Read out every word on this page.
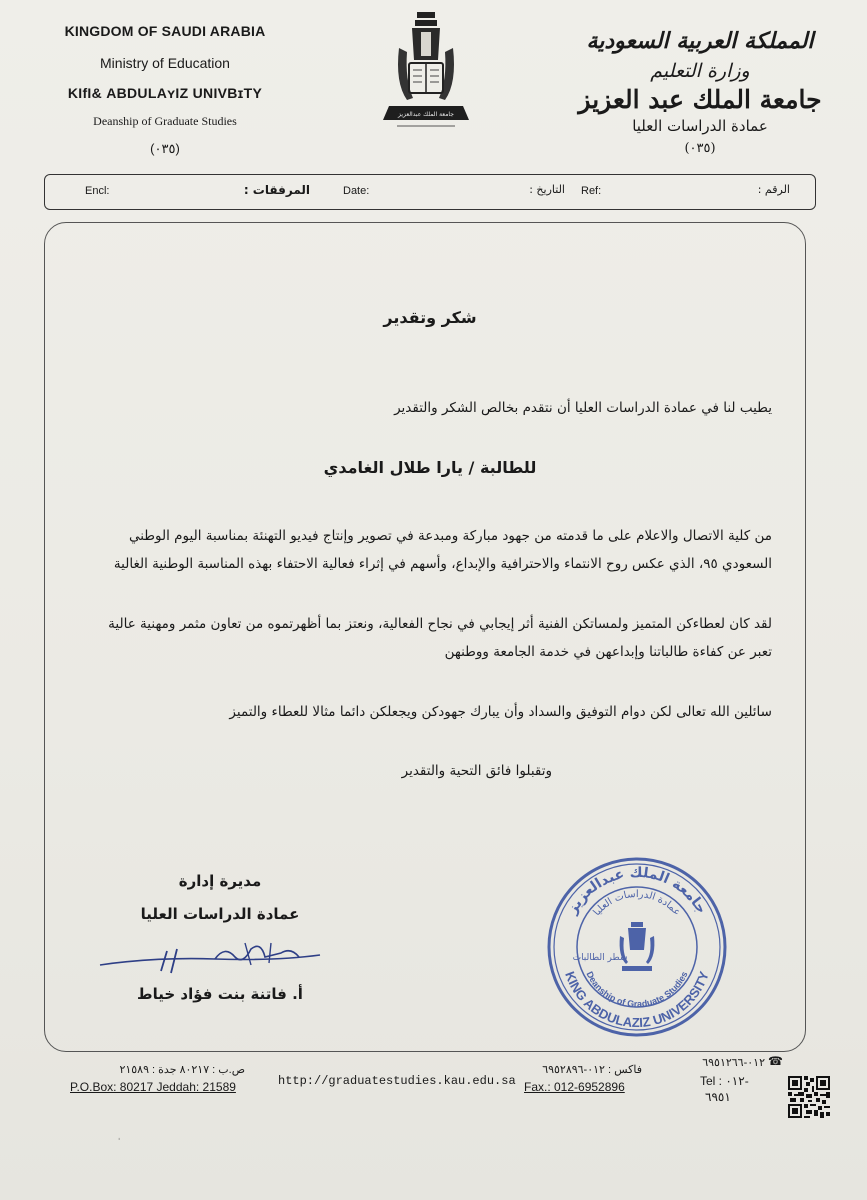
KINGDOM OF SAUDI ARABIA
Ministry of Education
KІfІ& ABDULAʏIZ UNIVВɪTY
Deanship of Graduate Studies
(٠٣٥)
جامعة الملك عبدالعزيز
المملكة العربية السعودية
وزارة التعليم
جامعة الملك عبد العزيز
عمادة الدراسات العليا
(٠٣٥)
Encl:	المرفقات :	Date:	التاريخ : Ref:	الرقم :
شكر وتقدير
يطيب لنا في عمادة الدراسات العليا أن نتقدم بخالص الشكر والتقدير
للطالبة / يارا طلال الغامدي
من كلية الاتصال والاعلام على ما قدمته من جهود مباركة ومبدعة في تصوير وإنتاج فيديو التهنئة بمناسبة اليوم الوطني
السعودي ٩٥، الذي عكس روح الانتماء والاحترافية والإبداع، وأسهم في إثراء فعالية الاحتفاء بهذه المناسبة الوطنية الغالية
لقد كان لعطاءكن المتميز ولمساتكن الفنية أثر إيجابي في نجاح الفعالية، ونعتز بما أظهرتموه من تعاون مثمر ومهنية عالية
تعبر عن كفاءة طالباتنا وإبداعهن في خدمة الجامعة ووطنهن
سائلين الله تعالى لكن دوام التوفيق والسداد وأن يبارك جهودكن ويجعلكن دائما مثالا للعطاء والتميز
وتقبلوا فائق التحية والتقدير
مديرة إدارة
عمادة الدراسات العليا
أ. فاتنة بنت فؤاد خياط
جامعة الملك عبدالعزيز
عمادة الدراسات العليا
شطر الطالبات
Deanship of Graduate Studies
KING ABDULAZIZ UNIVERSITY
ص.ب : ٨٠٢١٧ جدة : ٢١٥٨٩
P.O.Box: 80217 Jeddah: 21589	http://graduatestudies.kau.edu.sa
فاكس : ٠١٢-٦٩٥٢٨٩٦
Fax.: 012-6952896
٠١٢-٦٩٥١٢٦٦ ☎
Tel : ٠١٢-
٦٩٥١
ˈ
